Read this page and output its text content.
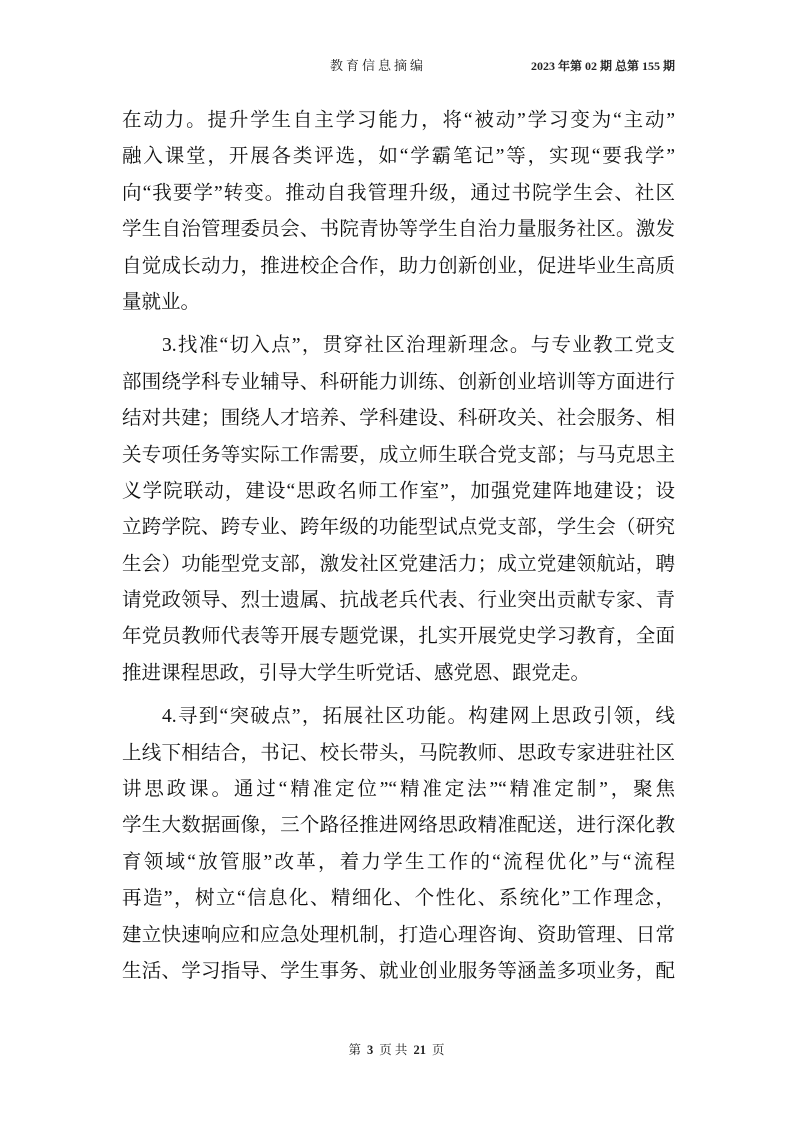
教育信息摘编	2023 年第 02 期 总第 155 期
在动力。提升学生自主学习能力，将“被动”学习变为“主动”
融入课堂，开展各类评选，如“学霸笔记”等，实现“要我学”
向“我要学”转变。推动自我管理升级，通过书院学生会、社区
学生自治管理委员会、书院青协等学生自治力量服务社区。激发
自觉成长动力，推进校企合作，助力创新创业，促进毕业生高质
量就业。
3.找准“切入点”，贯穿社区治理新理念。与专业教工党支
部围绕学科专业辅导、科研能力训练、创新创业培训等方面进行
结对共建；围绕人才培养、学科建设、科研攻关、社会服务、相
关专项任务等实际工作需要，成立师生联合党支部；与马克思主
义学院联动，建设“思政名师工作室”，加强党建阵地建设；设
立跨学院、跨专业、跨年级的功能型试点党支部，学生会（研究
生会）功能型党支部，激发社区党建活力；成立党建领航站，聘
请党政领导、烈士遗属、抗战老兵代表、行业突出贡献专家、青
年党员教师代表等开展专题党课，扎实开展党史学习教育，全面
推进课程思政，引导大学生听党话、感党恩、跟党走。
4.寻到“突破点”，拓展社区功能。构建网上思政引领，线
上线下相结合，书记、校长带头，马院教师、思政专家进驻社区
讲思政课。通过“精准定位”“精准定法”“精准定制”，聚焦
学生大数据画像，三个路径推进网络思政精准配送，进行深化教
育领域“放管服”改革，着力学生工作的“流程优化”与“流程
再造”，树立“信息化、精细化、个性化、系统化”工作理念，
建立快速响应和应急处理机制，打造心理咨询、资助管理、日常
生活、学习指导、学生事务、就业创业服务等涵盖多项业务，配
第 3 页 共 21 页
